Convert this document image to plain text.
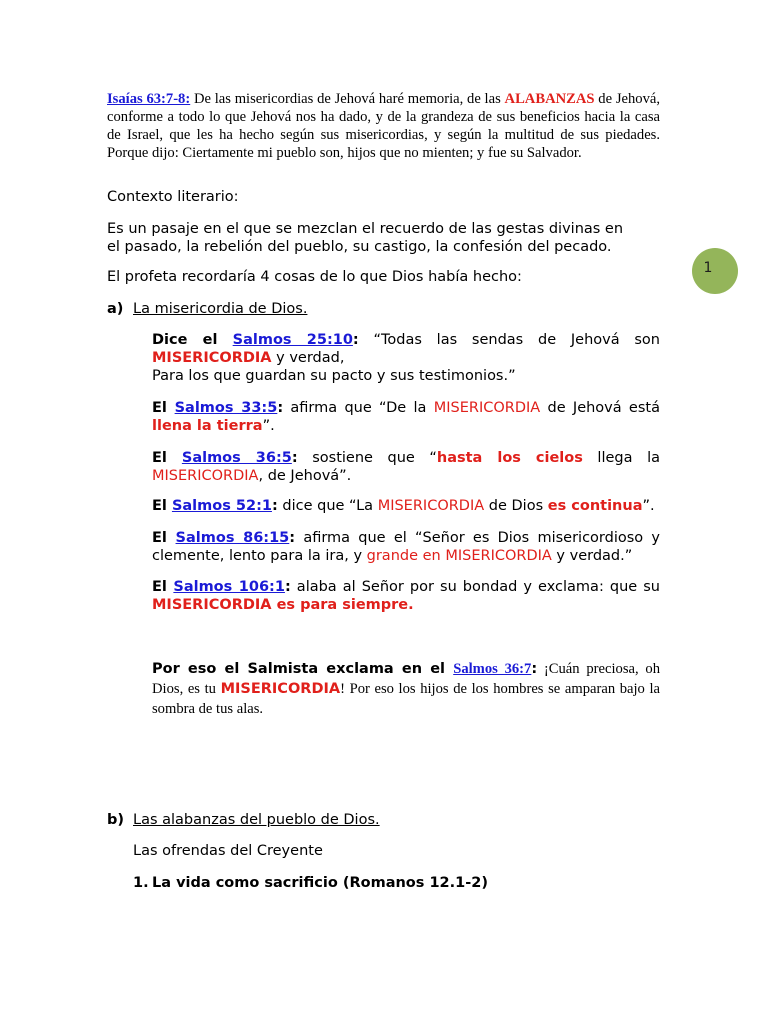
Isaías 63:7-8: De las misericordias de Jehová haré memoria, de las ALABANZAS de Jehová, conforme a todo lo que Jehová nos ha dado, y de la grandeza de sus beneficios hacia la casa de Israel, que les ha hecho según sus misericordias, y según la multitud de sus piedades. Porque dijo: Ciertamente mi pueblo son, hijos que no mienten; y fue su Salvador.
Contexto literario:
Es un pasaje en el que se mezclan el recuerdo de las gestas divinas en el pasado, la rebelión del pueblo, su castigo, la confesión del pecado.
El profeta recordaría 4 cosas de lo que Dios había hecho:
a) La misericordia de Dios.
Dice el Salmos 25:10: “Todas las sendas de Jehová son MISERICORDIA y verdad,
Para los que guardan su pacto y sus testimonios.”
El Salmos 33:5: afirma que “De la MISERICORDIA de Jehová está llena la tierra”.
El Salmos 36:5: sostiene que “hasta los cielos llega la MISERICORDIA, de Jehová”.
El Salmos 52:1: dice que “La MISERICORDIA de Dios es continua”.
El Salmos 86:15: afirma que el “Señor es Dios misericordioso y clemente, lento para la ira, y grande en MISERICORDIA y verdad.”
El Salmos 106:1: alaba al Señor por su bondad y exclama: que su MISERICORDIA es para siempre.
Por eso el Salmista exclama en el Salmos 36:7: ¡Cuán preciosa, oh Dios, es tu MISERICORDIA! Por eso los hijos de los hombres se amparan bajo la sombra de tus alas.
b) Las alabanzas del pueblo de Dios.
Las ofrendas del Creyente
1. La vida como sacrificio (Romanos 12.1-2)
1
